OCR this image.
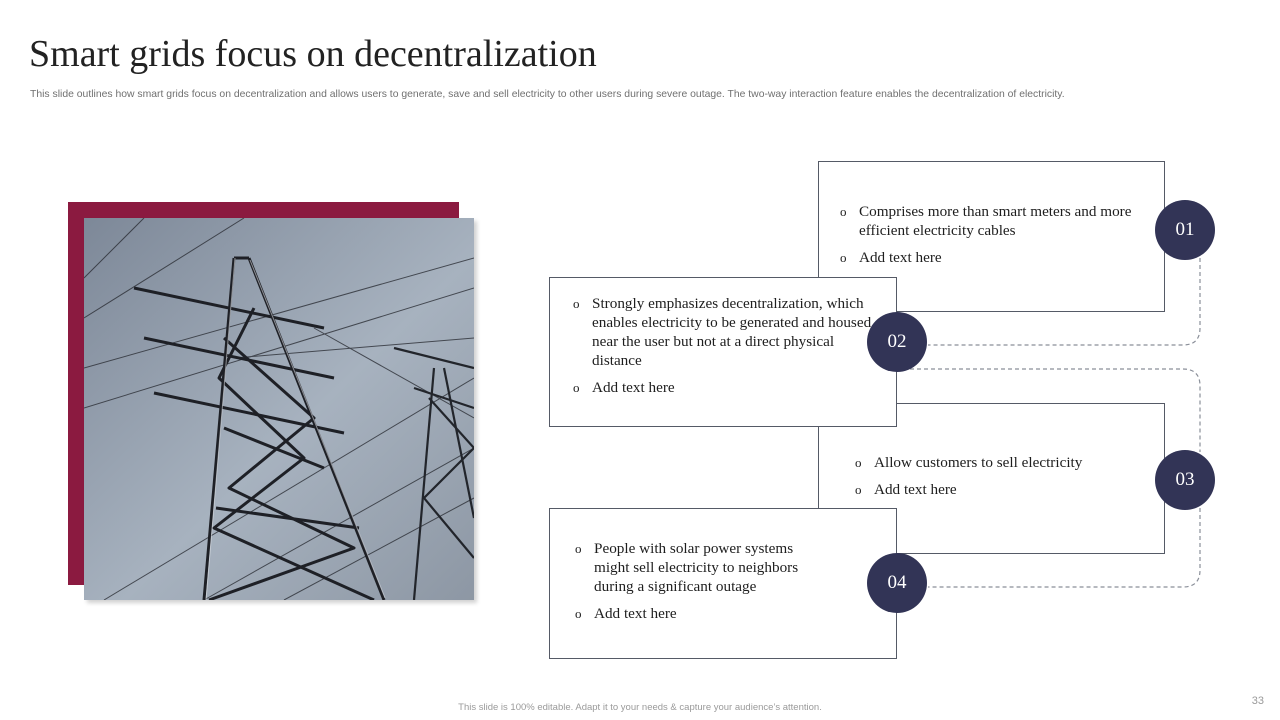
Smart grids focus on decentralization

This slide outlines how smart grids focus on decentralization and allows users to generate, save and sell electricity to other users during severe outage. The two-way interaction feature enables the decentralization of electricity.

o Comprises more than smart meters and more efficient electricity cables
o Add text here
o Allow customers to sell electricity
o Add text here
o Strongly emphasizes decentralization, which enables electricity to be generated and housed near the user but not at a direct physical distance
o Add text here
o People with solar power systems might sell electricity to neighbors during a significant outage
o Add text here
01
02
03
04
This slide is 100% editable. Adapt it to your needs & capture your audience’s attention.
33
